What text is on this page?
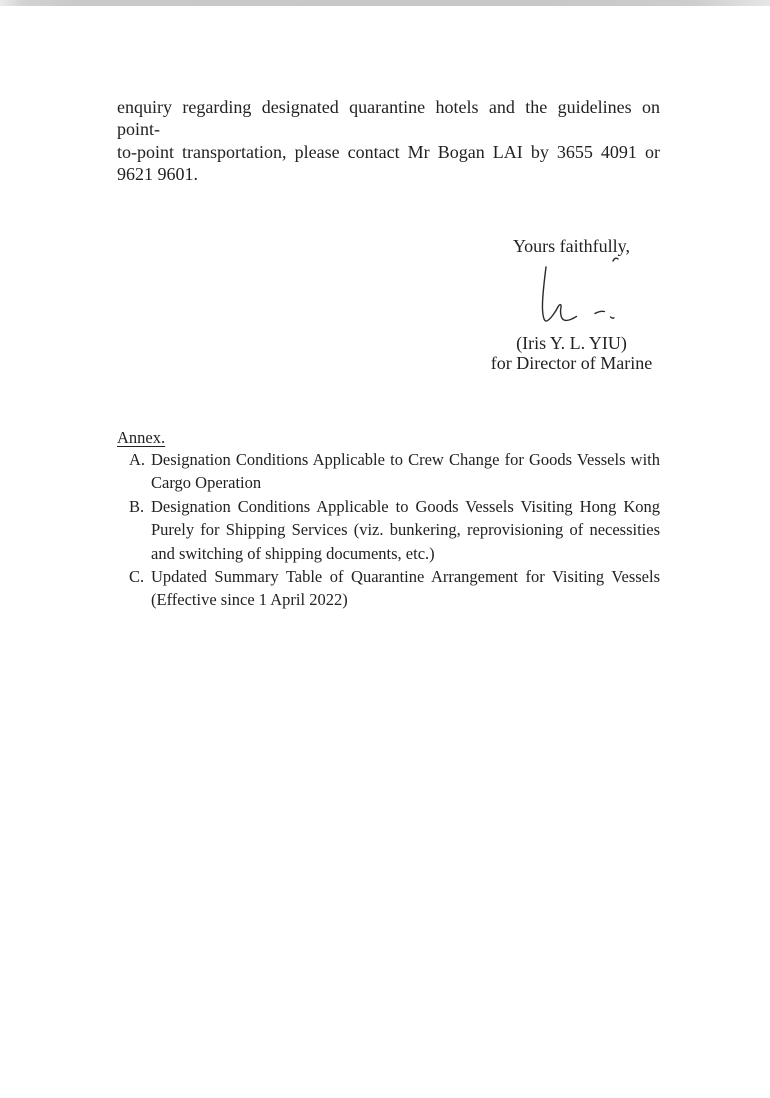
enquiry regarding designated quarantine hotels and the guidelines on point-
to-point transportation, please contact Mr Bogan LAI by 3655 4091 or
9621 9601.
Yours faithfully,
(Iris Y. L. YIU)
for Director of Marine
Annex.
A. Designation Conditions Applicable to Crew Change for Goods Vessels with
Cargo Operation
B. Designation Conditions Applicable to Goods Vessels Visiting Hong Kong
Purely for Shipping Services (viz. bunkering, reprovisioning of necessities
and switching of shipping documents, etc.)
C. Updated Summary Table of Quarantine Arrangement for Visiting Vessels
(Effective since 1 April 2022)
